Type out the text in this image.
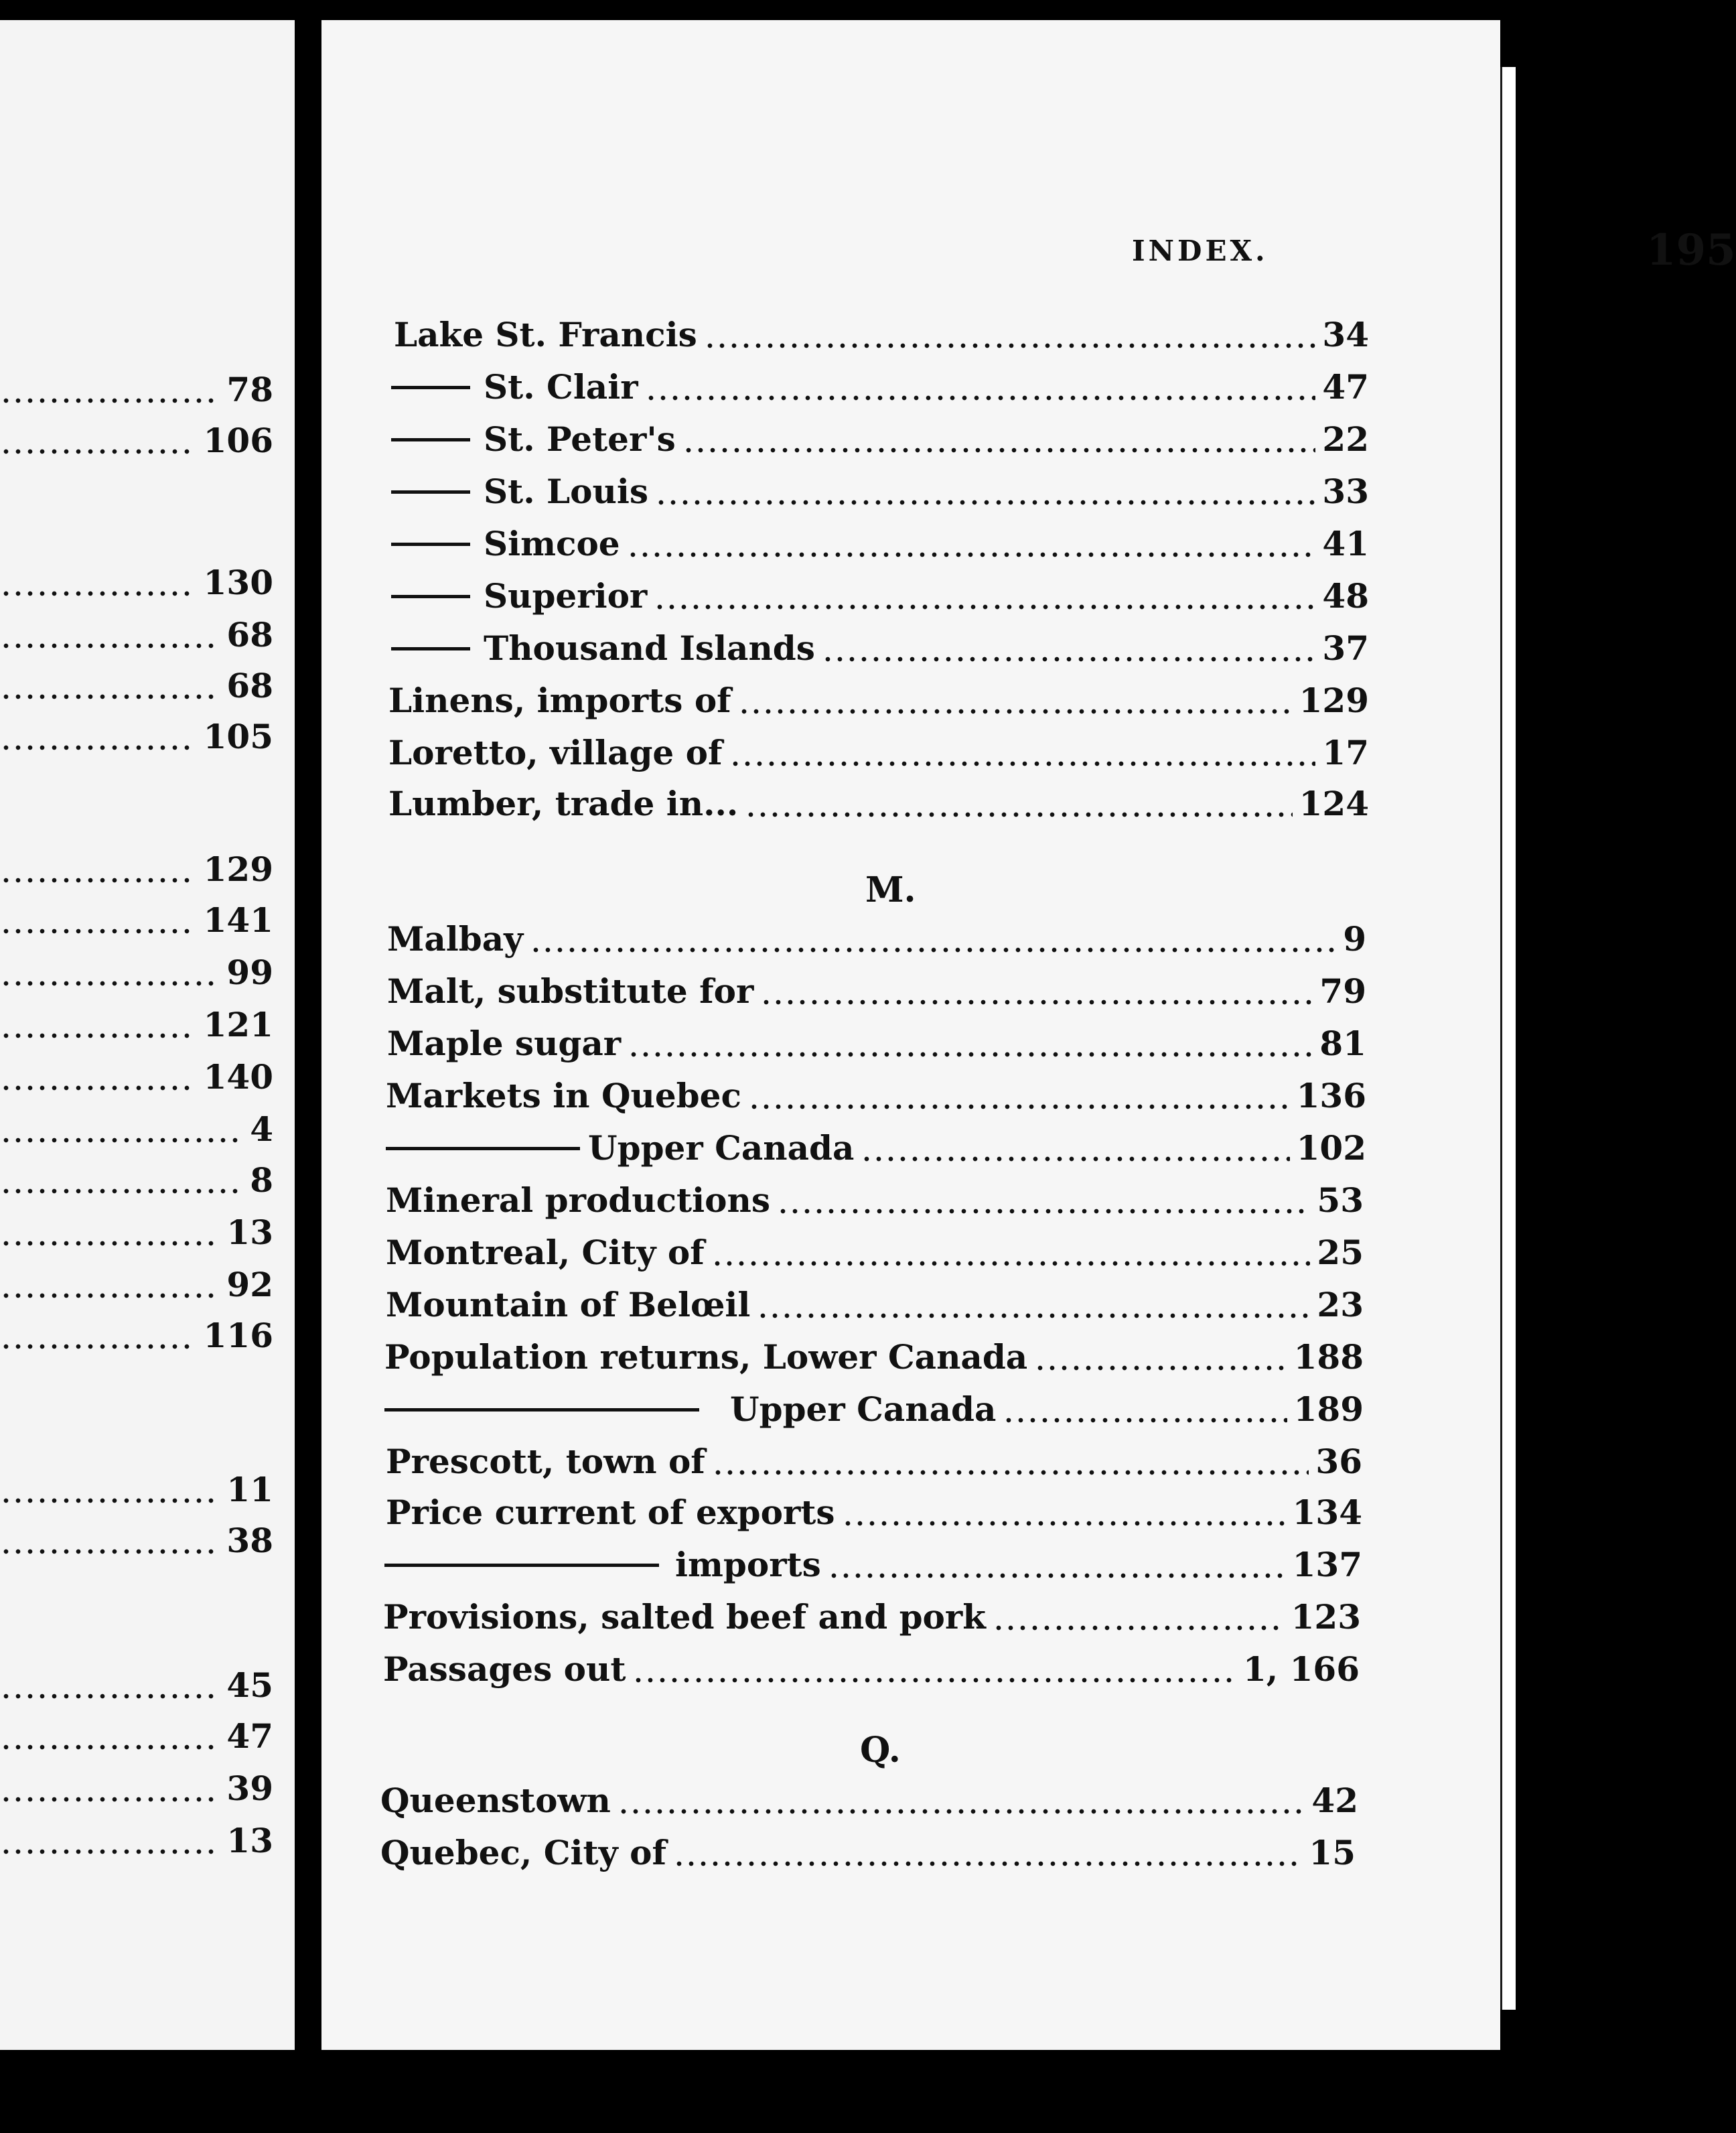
78
106
130
68
68
105
129
141
99
121
140
4
8
13
92
116
11
38
45
47
39
13
INDEX.	195
Lake St. Francis	34
St. Clair	47
St. Peter's	22
St. Louis	33
Simcoe	41
Superior	48
Thousand Islands	37
Linens, imports of	129
Loretto, village of	17
Lumber, trade in...	124
M.
Malbay	9
Malt, substitute for	79
Maple sugar	81
Markets in Quebec	136
Upper Canada	102
Mineral productions	53
Montreal, City of	25
Mountain of Belœil	23
Population returns, Lower Canada	188
Upper Canada	189
Prescott, town of	36
Price current of exports	134
imports	137
Provisions, salted beef and pork	123
Passages out	1, 166
Q.
Queenstown	42
Quebec, City of	15
